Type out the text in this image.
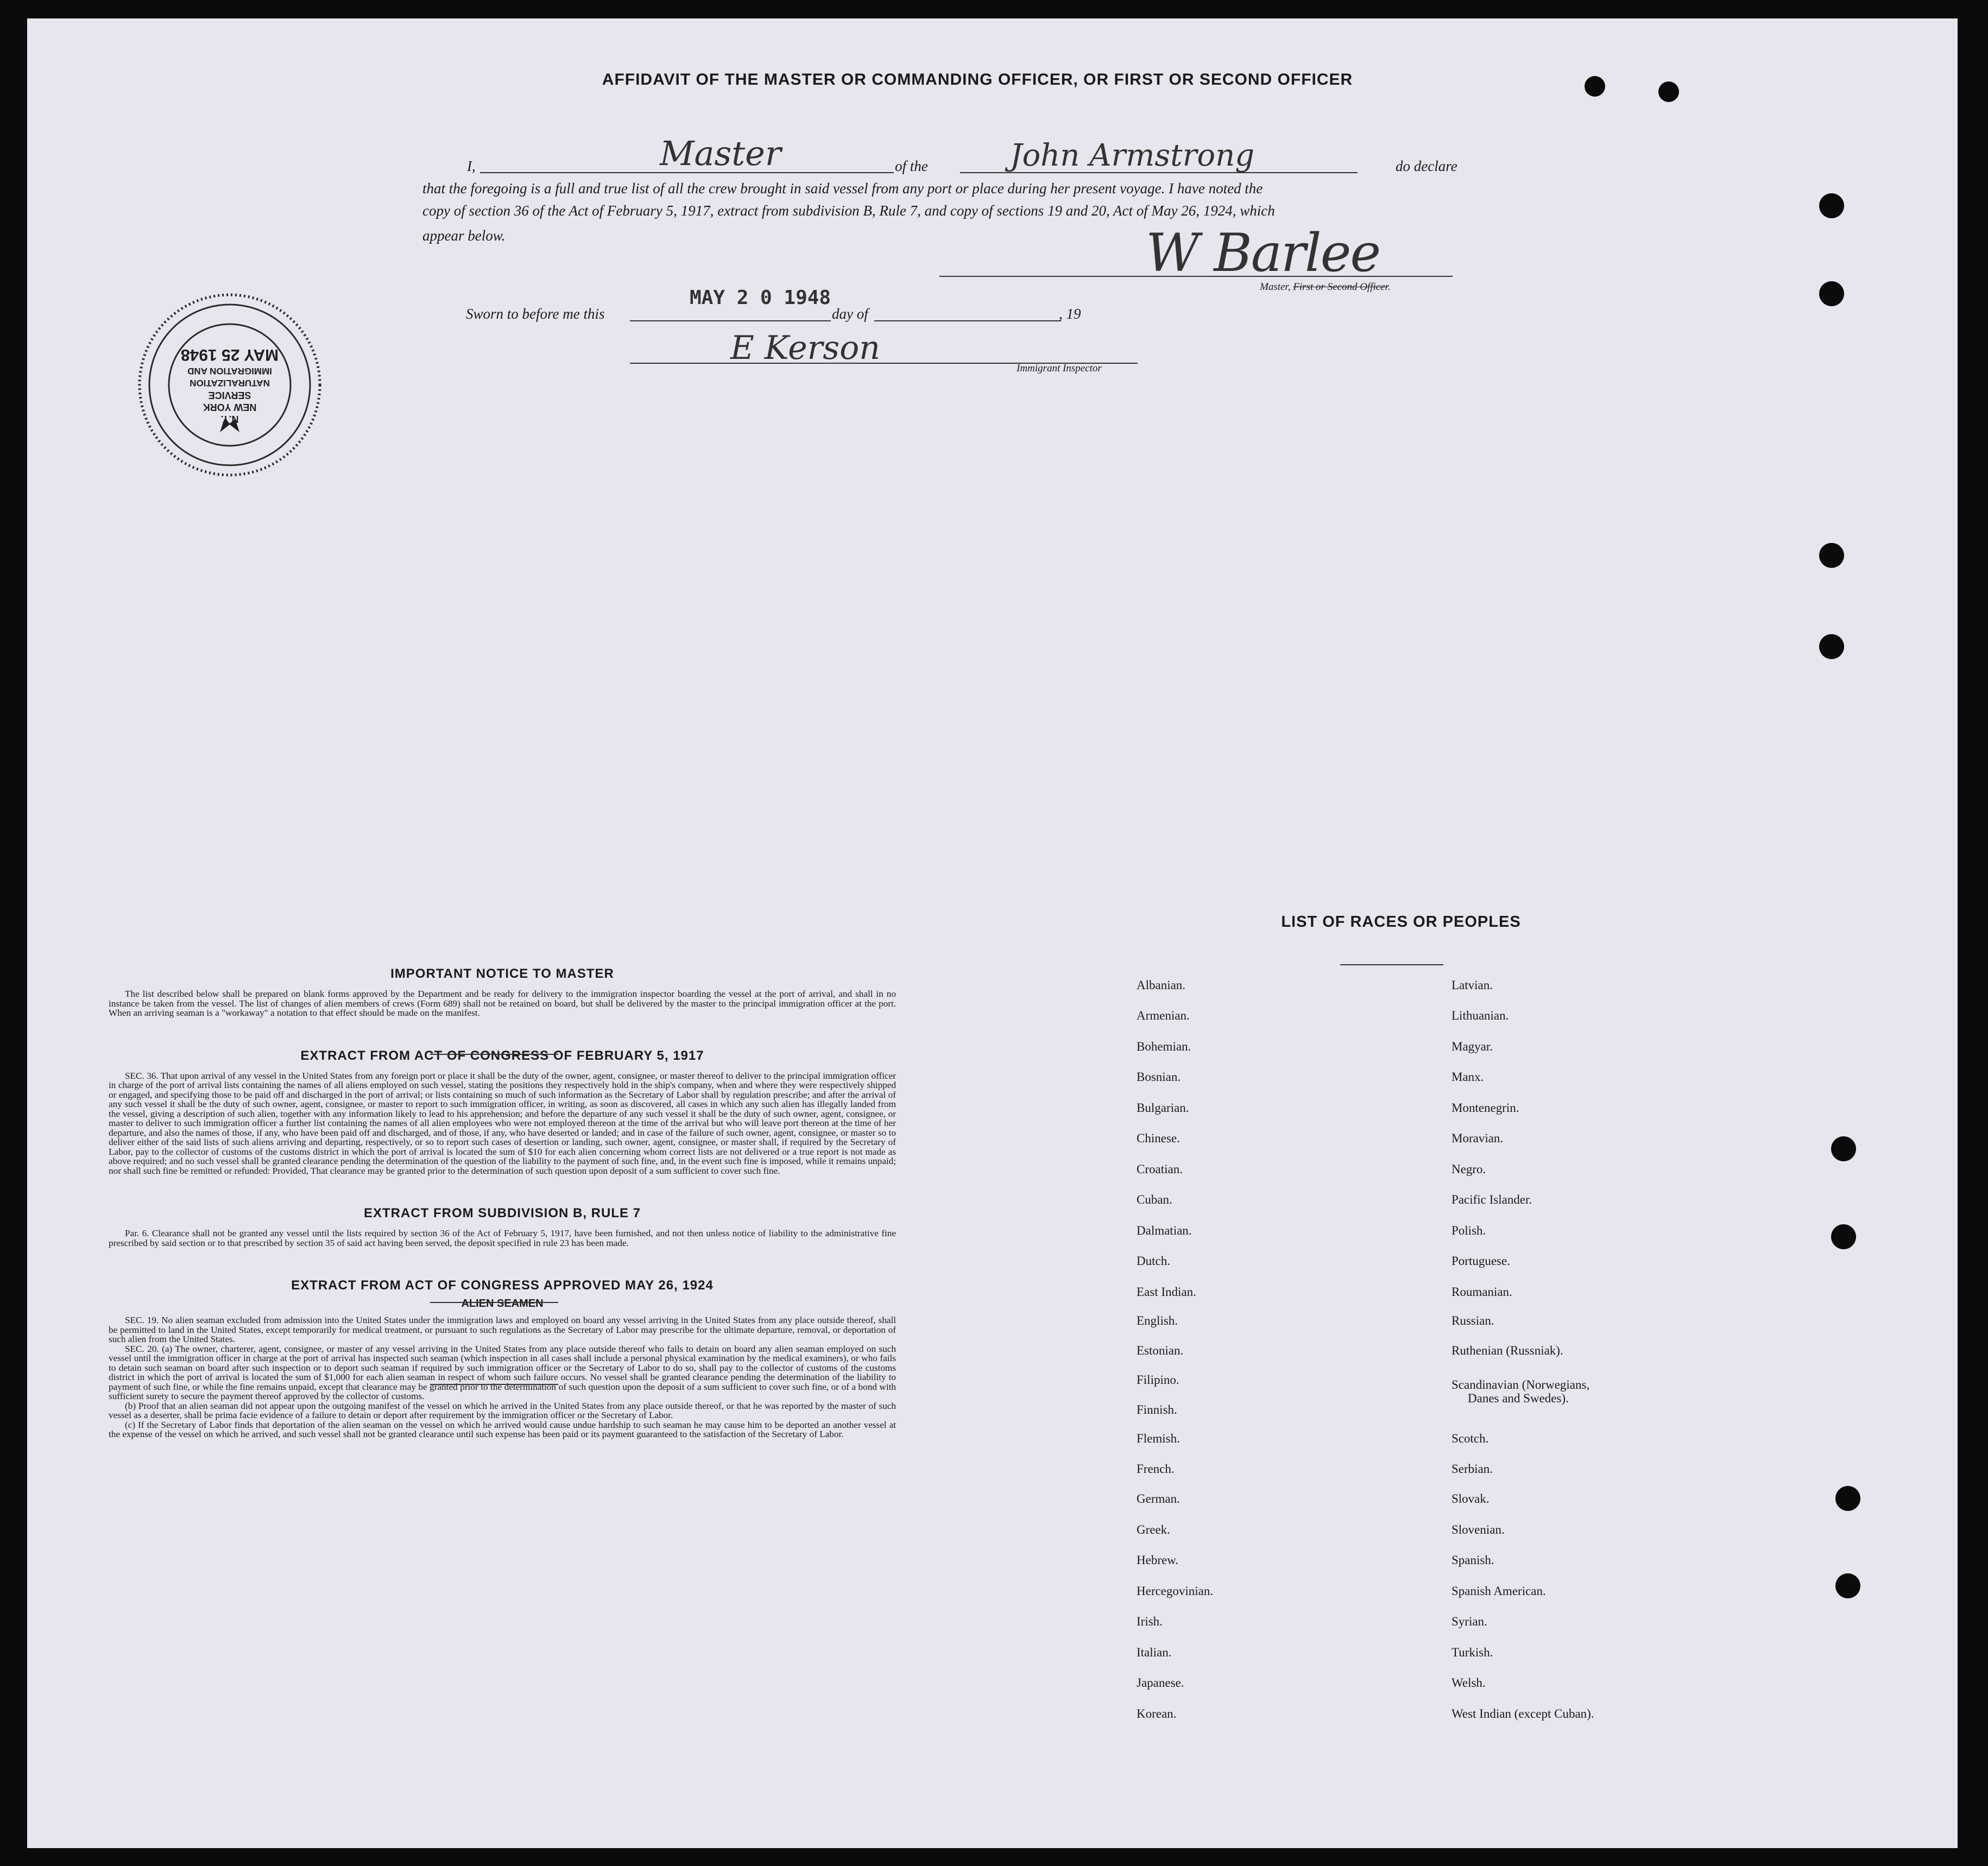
AFFIDAVIT OF THE MASTER OR COMMANDING OFFICER, OR FIRST OR SECOND OFFICER
I,	Master	of the	John Armstrong	do declare
that the foregoing is a full and true list of all the crew brought in said vessel from any port or place during her present voyage. I have noted the
copy of section 36 of the Act of February 5, 1917, extract from subdivision B, Rule 7, and copy of sections 19 and 20, Act of May 26, 1924, which
appear below.	W Barlee
Master, First or Second Officer.
Sworn to before me this
MAY 2 0 1948
day of	, 19
E Kerson
Immigrant Inspector
N.Y.
NEW YORK
SERVICE
NATURALIZATION
IMMIGRATION AND
MAY 25 1948
IMPORTANT NOTICE TO MASTER

The list described below shall be prepared on blank forms approved by the Department and be ready for delivery to the immigration inspector boarding the vessel at the port of arrival, and shall in no instance be taken from the vessel. The list of changes of alien members of crews (Form 689) shall not be retained on board, but shall be delivered by the master to the principal immigration officer at the port. When an arriving seaman is a "workaway" a notation to that effect should be made on the manifest.

EXTRACT FROM ACT OF CONGRESS OF FEBRUARY 5, 1917

SEC. 36. That upon arrival of any vessel in the United States from any foreign port or place it shall be the duty of the owner, agent, consignee, or master thereof to deliver to the principal immigration officer in charge of the port of arrival lists containing the names of all aliens employed on such vessel, stating the positions they respectively hold in the ship's company, when and where they were respectively shipped or engaged, and specifying those to be paid off and discharged in the port of arrival; or lists containing so much of such information as the Secretary of Labor shall by regulation prescribe; and after the arrival of any such vessel it shall be the duty of such owner, agent, consignee, or master to report to such immigration officer, in writing, as soon as discovered, all cases in which any such alien has illegally landed from the vessel, giving a description of such alien, together with any information likely to lead to his apprehension; and before the departure of any such vessel it shall be the duty of such owner, agent, consignee, or master to deliver to such immigration officer a further list containing the names of all alien employees who were not employed thereon at the time of the arrival but who will leave port thereon at the time of her departure, and also the names of those, if any, who have been paid off and discharged, and of those, if any, who have deserted or landed; and in case of the failure of such owner, agent, consignee, or master so to deliver either of the said lists of such aliens arriving and departing, respectively, or so to report such cases of desertion or landing, such owner, agent, consignee, or master shall, if required by the Secretary of Labor, pay to the collector of customs of the customs district in which the port of arrival is located the sum of $10 for each alien concerning whom correct lists are not delivered or a true report is not made as above required; and no such vessel shall be granted clearance pending the determination of the question of the liability to the payment of such fine, and, in the event such fine is imposed, while it remains unpaid; nor shall such fine be remitted or refunded: Provided, That clearance may be granted prior to the determination of such question upon deposit of a sum sufficient to cover such fine.

EXTRACT FROM SUBDIVISION B, RULE 7

Par. 6. Clearance shall not be granted any vessel until the lists required by section 36 of the Act of February 5, 1917, have been furnished, and not then unless notice of liability to the administrative fine prescribed by said section or to that prescribed by section 35 of said act having been served, the deposit specified in rule 23 has been made.

EXTRACT FROM ACT OF CONGRESS APPROVED MAY 26, 1924
ALIEN SEAMEN

SEC. 19. No alien seaman excluded from admission into the United States under the immigration laws and employed on board any vessel arriving in the United States from any place outside thereof, shall be permitted to land in the United States, except temporarily for medical treatment, or pursuant to such regulations as the Secretary of Labor may prescribe for the ultimate departure, removal, or deportation of such alien from the United States.

SEC. 20. (a) The owner, charterer, agent, consignee, or master of any vessel arriving in the United States from any place outside thereof who fails to detain on board any alien seaman employed on such vessel until the immigration officer in charge at the port of arrival has inspected such seaman (which inspection in all cases shall include a personal physical examination by the medical examiners), or who fails to detain such seaman on board after such inspection or to deport such seaman if required by such immigration officer or the Secretary of Labor to do so, shall pay to the collector of customs of the customs district in which the port of arrival is located the sum of $1,000 for each alien seaman in respect of whom such failure occurs. No vessel shall be granted clearance pending the determination of the liability to payment of such fine, or while the fine remains unpaid, except that clearance may be granted prior to the determination of such question upon the deposit of a sum sufficient to cover such fine, or of a bond with sufficient surety to secure the payment thereof approved by the collector of customs.

(b) Proof that an alien seaman did not appear upon the outgoing manifest of the vessel on which he arrived in the United States from any place outside thereof, or that he was reported by the master of such vessel as a deserter, shall be prima facie evidence of a failure to detain or deport after requirement by the immigration officer or the Secretary of Labor.

(c) If the Secretary of Labor finds that deportation of the alien seaman on the vessel on which he arrived would cause undue hardship to such seaman he may cause him to be deported an another vessel at the expense of the vessel on which he arrived, and such vessel shall not be granted clearance until such expense has been paid or its payment guaranteed to the satisfaction of the Secretary of Labor.

LIST OF RACES OR PEOPLES
Albanian.
Armenian.
Bohemian.
Bosnian.
Bulgarian.
Chinese.
Croatian.
Cuban.
Dalmatian.
Dutch.
East Indian.
English.
Estonian.
Filipino.
Finnish.
Flemish.
French.
German.
Greek.
Hebrew.
Hercegovinian.
Irish.
Italian.
Japanese.
Korean.
Latvian.
Lithuanian.
Magyar.
Manx.
Montenegrin.
Moravian.
Negro.
Pacific Islander.
Polish.
Portuguese.
Roumanian.
Russian.
Ruthenian (Russniak).
Scandinavian (Norwegians,
Danes and Swedes).
Scotch.
Serbian.
Slovak.
Slovenian.
Spanish.
Spanish American.
Syrian.
Turkish.
Welsh.
West Indian (except Cuban).
